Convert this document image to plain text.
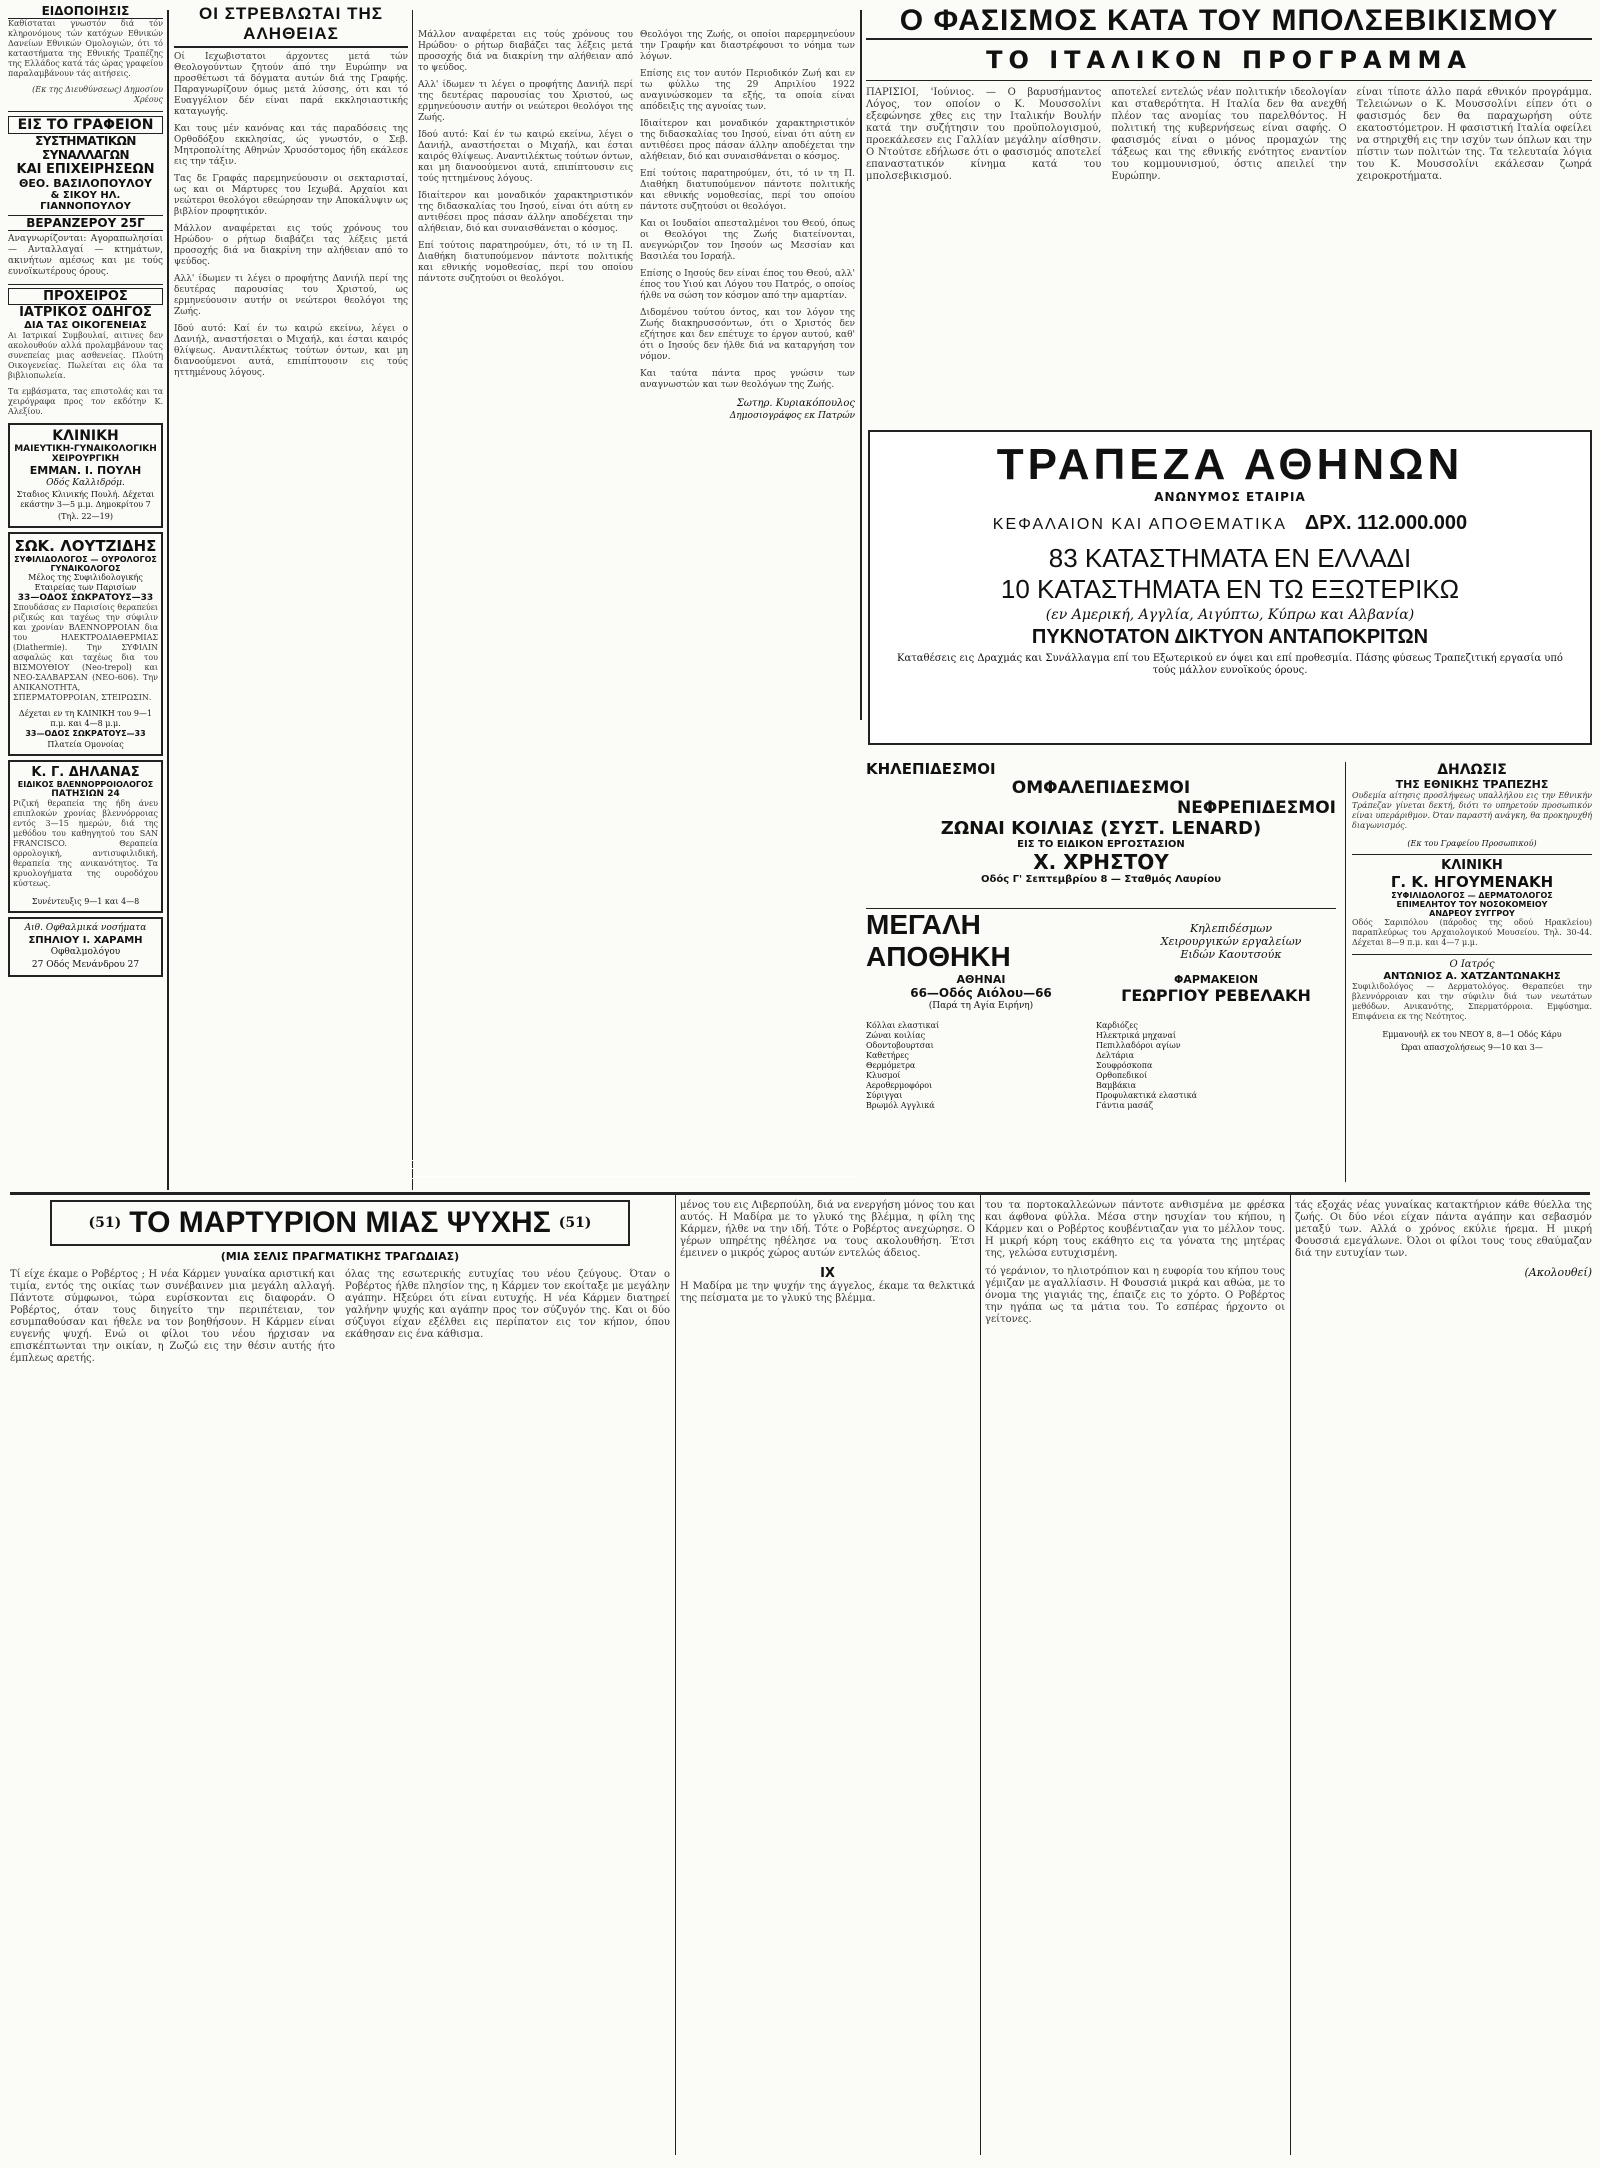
ΕΙΔΟΠΟΙΗΣΙΣ

Καθίσταται γνωστόν διά τόν κληρονόμους τών κατόχων Εθνικών Δανείων Εθνικών Ομολογιών, ότι τό καταστήματα της Εθνικής Τραπέζης της Ελλάδος κατά τάς ώρας γραφείου παραλαμβάνουν τάς αιτήσεις.

(Εκ της Διευθύνσεως) Δημοσίου Χρέους

ΕΙΣ ΤΟ ΓΡΑΦΕΙΟΝ
ΣΥΣΤΗΜΑΤΙΚΩΝ ΣΥΝΑΛΛΑΓΩΝ
ΚΑΙ ΕΠΙΧΕΙΡΗΣΕΩΝ
ΘΕΟ. ΒΑΣΙΛΟΠΟΥΛΟΥ
& ΣΙΚΟΥ ΗΛ. ΓΙΑΝΝΟΠΟΥΛΟΥ
ΒΕΡΑΝΖΕΡΟΥ 25Γ

Αναγνωρίζονται: Αγοραπωλησίαι — Ανταλλαγαί — κτημάτων, ακινήτων αμέσως και με τούς ευνοϊκωτέρους όρους.

ΠΡΟΧΕΙΡΟΣ
ΙΑΤΡΙΚΟΣ ΟΔΗΓΟΣ
ΔΙΑ ΤΑΣ ΟΙΚΟΓΕΝΕΙΑΣ

Αι Ιατρικαί Συμβουλαί, αιτινες δεν ακολουθούν αλλά προλαμβάνουν τας συνεπείας μιας ασθενείας. Πλούτη Οικογενείας. Πωλείται εις όλα τα βιβλιοπωλεία.

Τα εμβάσματα, τας επιστολάς και τα χειρόγραφα προς τον εκδότην Κ. Αλεξίου.

ΚΛΙΝΙΚΗ
ΜΑΙΕΥΤΙΚΗ-ΓΥΝΑΙΚΟΛΟΓΙΚΗ
ΧΕΙΡΟΥΡΓΙΚΗ
ΕΜΜΑΝ. Ι. ΠΟΥΛΗ
Οδός Καλλιδρόμ.
Σταδιος Κλινικής Πουλή. Δέχεται εκάστην 3—5 μ.μ. Δημοκρίτου 7
(Τηλ. 22—19)
ΣΩΚ. ΛΟΥΤΖΙΔΗΣ
ΣΥΦΙΛΙΔΟΛΟΓΟΣ — ΟΥΡΟΛΟΓΟΣ
ΓΥΝΑΙΚΟΛΟΓΟΣ
Μέλος της Συφιλιδολογικής Εταιρείας των Παρισίων
33—ΟΔΟΣ ΣΩΚΡΑΤΟΥΣ—33

Σπουδάσας εν Παρισίοις θεραπεύει ριζικώς και ταχέως την σύφιλιν και χρονίαν ΒΛΕΝΝΟΡΡΟΙΑΝ δια του ΗΛΕΚΤΡΟΔΙΑΘΕΡΜΙΑΣ (Diathermie). Την ΣΥΦΙΛΙΝ ασφαλώς και ταχέως δια του ΒΙΣΜΟΥΘΙΟΥ (Neo-trepol) και ΝΕΟ-ΣΑΛΒΑΡΣΑΝ (NEO-606). Την ΑΝΙΚΑΝΟΤΗΤΑ, ΣΠΕΡΜΑΤΟΡΡΟΙΑΝ, ΣΤΕΙΡΩΣΙΝ.

Δέχεται εν τη ΚΛΙΝΙΚΗ του 9—1 π.μ. και 4—8 μ.μ.
33—ΟΔΟΣ ΣΩΚΡΑΤΟΥΣ—33
Πλατεία Ομονοίας
Κ. Γ. ΔΗΛΑΝΑΣ
ΕΙΔΙΚΟΣ ΒΛΕΝΝΟΡΡΟΙΟΛΟΓΟΣ
ΠΑΤΗΣΙΩΝ 24

Ριζική θεραπεία της ήδη άνευ επιπλοκών χρονίας βλεννόρροιας εντός 3—15 ημερών, διά της μεθόδου του καθηγητού του SAN FRANCISCO. Θεραπεία ορρολογική, αντισυφιλιδική, θεραπεία της ανικανότητος. Τα κρυολογήματα της ουροδόχου κύστεως.

Συνέντευξις 9—1 και 4—8
Αιθ. Οφθαλμικά νοσήματα
ΣΠΗΛΙΟΥ Ι. ΧΑΡΑΜΗ
Οφθαλμολόγου
27 Οδός Μενάνδρου 27
ΟΙ ΣΤΡΕΒΛΩΤΑΙ ΤΗΣ ΑΛΗΘΕΙΑΣ

Οί Ιεχωβιστατοι άρχοντες μετά τών Θεολογούντων ζητούν άπό την Ευρώπην να προσθέτωσι τά δόγματα αυτών διά της Γραφής. Παραγνωρίζουν όμως μετά λύσσης, ότι και τό Ευαγγέλιον δέν είναι παρά εκκλησιαστικής καταγωγής.

Και τους μέν κανόνας και τάς παραδόσεις της Ορθοδόξου εκκλησίας, ώς γνωστόν, ο Σεβ. Μητροπολίτης Αθηνών Χρυσόστομος ήδη εκάλεσε εις την τάξιν.

Τας δε Γραφάς παρεμηνεύουσιν οι σεκταρισταί, ως και οι Μάρτυρες του Ιεχωβά. Αρχαίοι και νεώτεροι θεολόγοι εθεώρησαν την Αποκάλυψιν ως βιβλίον προφητικόν.

Μάλλον αναφέρεται εις τούς χρόνους του Ηρώδου· ο ρήτωρ διαβάζει τας λέξεις μετά προσοχής διά να διακρίνη την αλήθειαν από το ψεύδος.

Αλλ' ίδωμεν τι λέγει ο προφήτης Δανιήλ περί της δευτέρας παρουσίας του Χριστού, ως ερμηνεύουσιν αυτήν οι νεώτεροι θεολόγοι της Ζωής.

Ιδού αυτό: Καί έν τω καιρώ εκείνω, λέγει ο Δανιήλ, αναστήσεται ο Μιχαήλ, και έσται καιρός θλίψεως. Αναντιλέκτως τούτων όντων, και μη διανοούμενοι αυτά, επιπίπτουσιν εις τούς ηττημένους λόγους.

Θεολόγοι της Ζωής, οι οποίοι παρερμηνεύουν την Γραφήν και διαστρέφουσι το νόημα των λόγων.

Επίσης εις τον αυτόν Περιοδικόν Ζωή και εν τω φύλλω της 29 Απριλίου 1922 αναγινώσκομεν τα εξής, τα οποία είναι απόδειξις της αγνοίας των.

Ιδιαίτερον και μοναδικόν χαρακτηριστικόν της διδασκαλίας του Ιησού, είναι ότι αύτη εν αντιθέσει προς πάσαν άλλην αποδέχεται την αλήθειαν, διό και συναισθάνεται ο κόσμος.

Επί τούτοις παρατηρούμεν, ότι, τό ιν τη Π. Διαθήκη διατυπούμενον πάντοτε πολιτικής και εθνικής νομοθεσίας, περί του οποίου πάντοτε συζητούσι οι θεολόγοι.

Και οι Ιουδαίοι απεσταλμένοι του Θεού, όπως οι Θεολόγοι της Ζωής διατείνονται, ανεγνώριζον τον Ιησούν ως Μεσσίαν και Βασιλέα του Ισραήλ.

Επίσης ο Ιησούς δεν είναι έπος του Θεού, αλλ' έπος του Υιού και Λόγου του Πατρός, ο οποίος ήλθε να σώση τον κόσμον από την αμαρτίαν.

Διδομένου τούτου όντος, και τον λόγον της Ζωής διακηρυσσόντων, ότι ο Χριστός δεν εζήτησε και δεν επέτυχε το έργον αυτού, καθ' ότι ο Ιησούς δεν ήλθε διά να καταργήση τον νόμον.

Και ταύτα πάντα προς γνώσιν των αναγνωστών και των θεολόγων της Ζωής.

Σωτηρ. Κυριακόπουλος
Δημοσιογράφος εκ Πατρών

Μάλλον αναφέρεται εις τούς χρόνους του Ηρώδου· ο ρήτωρ διαβάζει τας λέξεις μετά προσοχής διά να διακρίνη την αλήθειαν από το ψεύδος.

Αλλ' ίδωμεν τι λέγει ο προφήτης Δανιήλ περί της δευτέρας παρουσίας του Χριστού, ως ερμηνεύουσιν αυτήν οι νεώτεροι θεολόγοι της Ζωής.

Ιδού αυτό: Καί έν τω καιρώ εκείνω, λέγει ο Δανιήλ, αναστήσεται ο Μιχαήλ, και έσται καιρός θλίψεως. Αναντιλέκτως τούτων όντων, και μη διανοούμενοι αυτά, επιπίπτουσιν εις τούς ηττημένους λόγους.

Ιδιαίτερον και μοναδικόν χαρακτηριστικόν της διδασκαλίας του Ιησού, είναι ότι αύτη εν αντιθέσει προς πάσαν άλλην αποδέχεται την αλήθειαν, διό και συναισθάνεται ο κόσμος.

Επί τούτοις παρατηρούμεν, ότι, τό ιν τη Π. Διαθήκη διατυπούμενον πάντοτε πολιτικής και εθνικής νομοθεσίας, περί του οποίου πάντοτε συζητούσι οι θεολόγοι.

Ο ΦΑΣΙΣΜΟΣ ΚΑΤΑ ΤΟΥ ΜΠΟΛΣΕΒΙΚΙΣΜΟΥ
ΤΟ ΙΤΑΛΙΚΟΝ ΠΡΟΓΡΑΜΜΑ

ΠΑΡΙΣΙΟΙ, 'Ιούνιος. — Ο βαρυσήμαντος Λόγος, τον οποίον ο Κ. Μουσσολίνι εξεφώνησε χθες εις την Ιταλικήν Βουλήν κατά την συζήτησιν του προϋπολογισμού, προεκάλεσεν εις Γαλλίαν μεγάλην αίσθησιν. Ο Ντούτσε εδήλωσε ότι ο φασισμός αποτελεί επαναστατικόν κίνημα κατά του μπολσεβικισμού.

αποτελεί εντελώς νέαν πολιτικήν ιδεολογίαν και σταθερότητα. Η Ιταλία δεν θα ανεχθή πλέον τας ανομίας του παρελθόντος. Η πολιτική της κυβερνήσεως είναι σαφής. Ο φασισμός είναι ο μόνος προμαχών της τάξεως και της εθνικής ενότητος εναντίον του κομμουνισμού, όστις απειλεί την Ευρώπην.

είναι τίποτε άλλο παρά εθνικόν προγράμμα. Τελειώνων ο Κ. Μουσσολίνι είπεν ότι ο φασισμός δεν θα παραχωρήση ούτε εκατοστόμετρον. Η φασιστική Ιταλία οφείλει να στηριχθή εις την ισχύν των όπλων και την πίστιν των πολιτών της. Τα τελευταία λόγια του Κ. Μουσσολίνι εκάλεσαν ζωηρά χειροκροτήματα.

ΤΡΑΠΕΖΑ ΑΘΗΝΩΝ
ΑΝΩΝΥΜΟΣ ΕΤΑΙΡΙΑ
ΚΕΦΑΛΑΙΟΝ ΚΑΙ ΑΠΟΘΕΜΑΤΙΚΑ ΔΡΧ. 112.000.000
83 ΚΑΤΑΣΤΗΜΑΤΑ ΕΝ ΕΛΛΑΔΙ
10 ΚΑΤΑΣΤΗΜΑΤΑ ΕΝ ΤΩ ΕΞΩΤΕΡΙΚΩ
(εν Αμερική, Αγγλία, Αιγύπτω, Κύπρω και Αλβανία)
ΠΥΚΝΟΤΑΤΟΝ ΔΙΚΤΥΟΝ ΑΝΤΑΠΟΚΡΙΤΩΝ
Καταθέσεις εις Δραχμάς και Συνάλλαγμα επί του Εξωτερικού εν όψει και επί προθεσμία. Πάσης φύσεως Τραπεζιτική εργασία υπό τούς μάλλον ευνοϊκούς όρους.
ΚΗΛΕΠΙΔΕΣΜΟΙ
ΟΜΦΑΛΕΠΙΔΕΣΜΟΙ
ΝΕΦΡΕΠΙΔΕΣΜΟΙ
ΖΩΝΑΙ ΚΟΙΛΙΑΣ (ΣΥΣΤ. LENARD)
ΕΙΣ ΤΟ ΕΙΔΙΚΟΝ ΕΡΓΟΣΤΑΣΙΟΝ
Χ. ΧΡΗΣΤΟΥ
Οδός Γ' Σεπτεμβρίου 8 — Σταθμός Λαυρίου
ΜΕΓΑΛΗ ΑΠΟΘΗΚΗ
Κηλεπιδέσμων
Χειρουργικών εργαλείων
Ειδών Καουτσούκ
ΑΘΗΝΑΙ
66—Οδός Αιόλου—66
(Παρά τη Αγία Ειρήνη)
ΦΑΡΜΑΚΕΙΟΝ
ΓΕΩΡΓΙΟΥ ΡΕΒΕΛΑΚΗ
Κόλλαι ελαστικαί
Ζώναι κοιλίας
Οδοντοβουρτσαι
Καθετήρες
Θερμόμετρα
Κλυσμοί
Αεροθερμοφόροι
Σύριγγαι
Βρωμόλ Αγγλικά
Καρδιόζες
Ηλεκτρικά μηχαναί
Πεπιλλαδόροι αγίων
Δελτάρια
Σουφρόσκοπα
Ορθοπεδικοί
Βαμβάκια
Προφυλακτικά ελαστικά
Γάντια μασάζ
ΔΗΛΩΣΙΣ
ΤΗΣ ΕΘΝΙΚΗΣ ΤΡΑΠΕΖΗΣ

Ουδεμία αίτησις προσλήψεως υπαλλήλου εις την Εθνικήν Τράπεζαν γίνεται δεκτή, διότι το υπηρετούν προσωπικόν είναι υπεράριθμον. Όταν παραστή ανάγκη, θα προκηρυχθή διαγωνισμός.

(Εκ του Γραφείου Προσωπικού)
ΚΛΙΝΙΚΗ
Γ. Κ. ΗΓΟΥΜΕΝΑΚΗ
ΣΥΦΙΛΙΔΟΛΟΓΟΣ — ΔΕΡΜΑΤΟΛΟΓΟΣ
ΕΠΙΜΕΛΗΤΟΥ ΤΟΥ ΝΟΣΟΚΟΜΕΙΟΥ
ΑΝΔΡΕΟΥ ΣΥΓΓΡΟΥ

Οδός Σαριπόλου (πάροδος της οδού Ηρακλείου) παραπλεύρως του Αρχαιολογικού Μουσείου. Τηλ. 30-44. Δέχεται 8—9 π.μ. και 4—7 μ.μ.

Ο Ιατρός
ΑΝΤΩΝΙΟΣ Α. ΧΑΤΖΑΝΤΩΝΑΚΗΣ

Συφιλιδολόγος — Δερματολόγος. Θεραπεύει την βλεννόρροιαν και την σύφιλιν διά των νεωτάτων μεθόδων. Ανικανότης, Σπερματόρροια. Εμφύσημα. Επιφάνεια εκ της Νεότητος.

Εμμανουήλ εκ του ΝΕΟΥ 8, 8—1 Οδός Κάρυ
Ώραι απασχολήσεως 9—10 και 3—
(51) ΤΟ ΜΑΡΤΥΡΙΟΝ ΜΙΑΣ ΨΥΧΗΣ (51)
(ΜΙΑ ΣΕΛΙΣ ΠΡΑΓΜΑΤΙΚΗΣ ΤΡΑΓΩΔΙΑΣ)

Τί είχε έκαμε ο Ροβέρτος ; Η νέα Κάρμεν γυναίκα αριστική και τιμία, εντός της οικίας των συνέβαινεν μια μεγάλη αλλαγή. Πάντοτε σύμφωνοι, τώρα ευρίσκονται εις διαφοράν. Ο Ροβέρτος, όταν τους διηγείτο την περιπέτειαν, τον εσυμπαθούσαν και ήθελε να τον βοηθήσουν. Η Κάρμεν είναι ευγενής ψυχή. Ενώ οι φίλοι του νέου ήρχισαν να επισκέπτωνται την οικίαν, η Ζωζώ εις την θέσιν αυτής ήτο έμπλεως αρετής.

όλας της εσωτερικής ευτυχίας του νέου ζεύγους. Όταν ο Ροβέρτος ήλθε πλησίον της, η Κάρμεν τον εκοίταξε με μεγάλην αγάπην. Ηξεύρει ότι είναι ευτυχής. Η νέα Κάρμεν διατηρεί γαλήνην ψυχής και αγάπην προς τον σύζυγόν της. Και οι δύο σύζυγοι είχαν εξέλθει εις περίπατον εις τον κήπον, όπου εκάθησαν εις ένα κάθισμα.

μένος του εις Λιβερπούλη, διά να ενεργήση μόνος του και αυτός. Η Μαδίρα με το γλυκό της βλέμμα, η φίλη της Κάρμεν, ήλθε να την ιδή. Τότε ο Ροβέρτος ανεχώρησε. Ο γέρων υπηρέτης ηθέλησε να τους ακολουθήση. Έτσι έμεινεν ο μικρός χώρος αυτών εντελώς άδειος.

IX

Η Μαδίρα με την ψυχήν της άγγελος, έκαμε τα θελκτικά της πείσματα με το γλυκύ της βλέμμα.

του τα πορτοκαλλεώνων πάντοτε ανθισμένα με φρέσκα και άφθονα φύλλα. Μέσα στην ησυχίαν του κήπου, η Κάρμεν και ο Ροβέρτος κουβέντιαζαν για το μέλλον τους. Η μικρή κόρη τους εκάθητο εις τα γόνατα της μητέρας της, γελώσα ευτυχισμένη.

τό γεράνιον, το ηλιοτρόπιον και η ευφορία του κήπου τους γέμιζαν με αγαλλίασιν. Η Φουσσιά μικρά και αθώα, με το όνομα της γιαγιάς της, έπαιζε εις το χόρτο. Ο Ροβέρτος την ηγάπα ως τα μάτια του. Το εσπέρας ήρχοντο οι γείτονες.

τάς εξοχάς νέας γυναίκας κατακτήριον κάθε θύελλα της ζωής. Οι δύο νέοι είχαν πάντα αγάπην και σεβασμόν μεταξύ των. Αλλά ο χρόνος εκύλιε ήρεμα. Η μικρή Φουσσιά εμεγάλωνε. Όλοι οι φίλοι τους τους εθαύμαζαν διά την ευτυχίαν των.

(Ακολουθεί)
